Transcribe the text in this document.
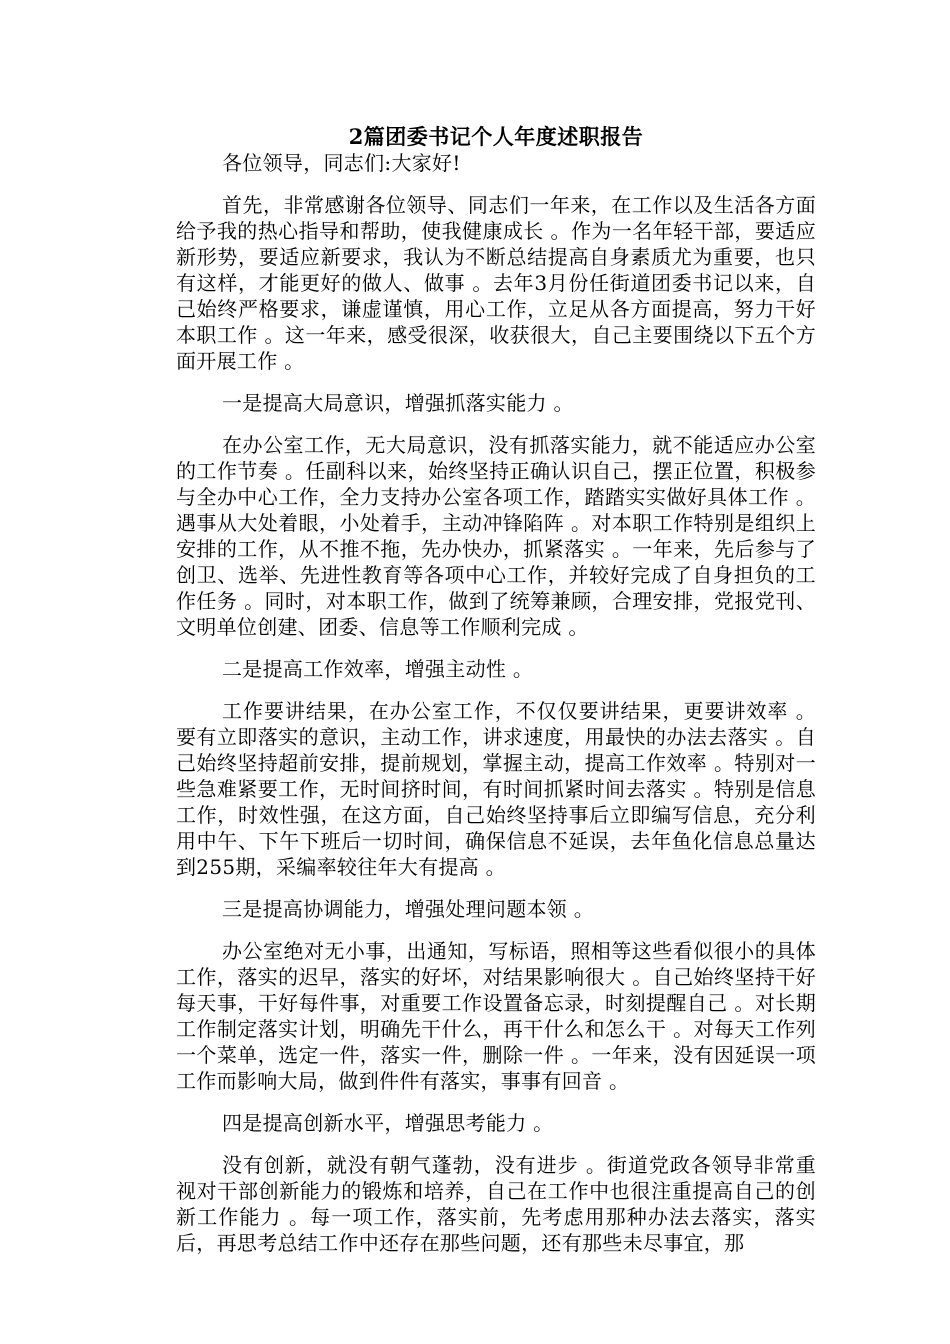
2篇团委书记个人年度述职报告

各位领导，同志们:大家好!

首先，非常感谢各位领导、同志们一年来，在工作以及生活各方面给予我的热心指导和帮助，使我健康成长 。作为一名年轻干部，要适应新形势，要适应新要求，我认为不断总结提高自身素质尤为重要，也只有这样，才能更好的做人、做事 。去年3月份任街道团委书记以来，自己始终严格要求，谦虚谨慎，用心工作，立足从各方面提高，努力干好本职工作 。这一年来，感受很深，收获很大，自己主要围绕以下五个方面开展工作 。

一是提高大局意识，增强抓落实能力 。

在办公室工作，无大局意识，没有抓落实能力，就不能适应办公室的工作节奏 。任副科以来，始终坚持正确认识自己，摆正位置，积极参与全办中心工作，全力支持办公室各项工作，踏踏实实做好具体工作 。遇事从大处着眼，小处着手，主动冲锋陷阵 。对本职工作特别是组织上安排的工作，从不推不拖，先办快办，抓紧落实 。一年来，先后参与了创卫、选举、先进性教育等各项中心工作，并较好完成了自身担负的工作任务 。同时，对本职工作，做到了统筹兼顾，合理安排，党报党刊、文明单位创建、团委、信息等工作顺利完成 。

二是提高工作效率，增强主动性 。

工作要讲结果，在办公室工作，不仅仅要讲结果，更要讲效率 。要有立即落实的意识，主动工作，讲求速度，用最快的办法去落实 。自己始终坚持超前安排，提前规划，掌握主动，提高工作效率 。特别对一些急难紧要工作，无时间挤时间，有时间抓紧时间去落实 。特别是信息工作，时效性强，在这方面，自己始终坚持事后立即编写信息，充分利用中午、下午下班后一切时间，确保信息不延误，去年鱼化信息总量达到255期，采编率较往年大有提高 。

三是提高协调能力，增强处理问题本领 。

办公室绝对无小事，出通知，写标语，照相等这些看似很小的具体工作，落实的迟早，落实的好坏，对结果影响很大 。自己始终坚持干好每天事，干好每件事，对重要工作设置备忘录，时刻提醒自己 。对长期工作制定落实计划，明确先干什么，再干什么和怎么干 。对每天工作列一个菜单，选定一件，落实一件，删除一件 。一年来，没有因延误一项工作而影响大局，做到件件有落实，事事有回音 。

四是提高创新水平，增强思考能力 。

没有创新，就没有朝气蓬勃，没有进步 。街道党政各领导非常重视对干部创新能力的锻炼和培养，自己在工作中也很注重提高自己的创新工作能力 。每一项工作，落实前，先考虑用那种办法去落实，落实后，再思考总结工作中还存在那些问题，还有那些未尽事宜，那
